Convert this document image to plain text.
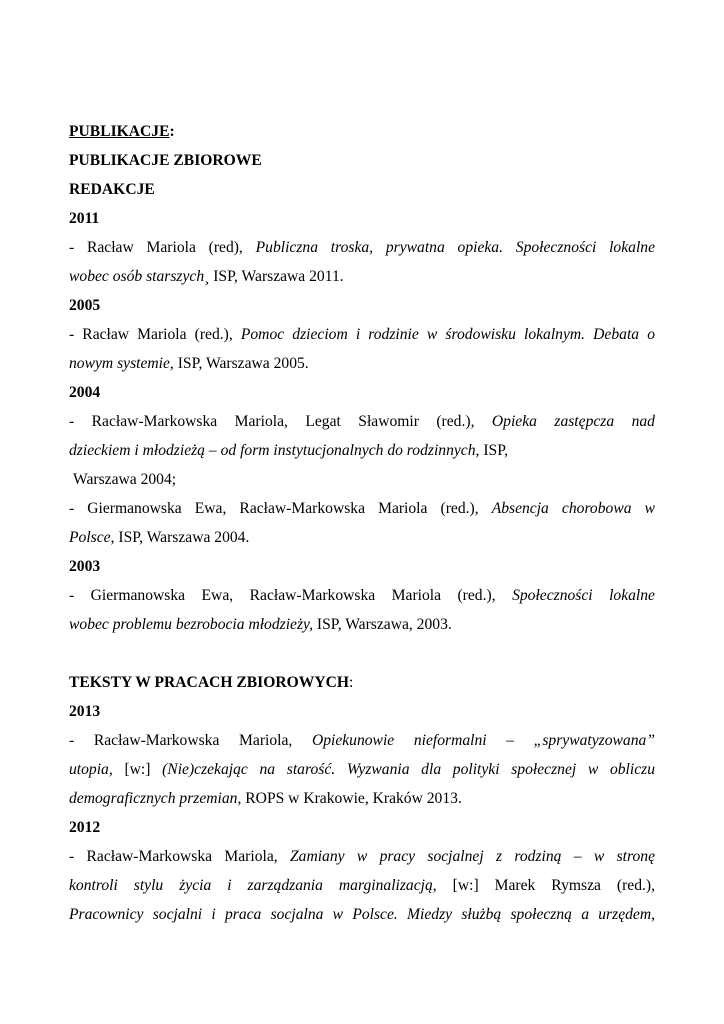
PUBLIKACJE:
PUBLIKACJE ZBIOROWE
REDAKCJE
2011
- Racław Mariola (red), Publiczna troska, prywatna opieka. Społeczności lokalne
wobec osób starszych¸ ISP, Warszawa 2011.
2005
- Racław Mariola (red.), Pomoc dzieciom i rodzinie w środowisku lokalnym. Debata o
nowym systemie, ISP, Warszawa 2005.
2004
- Racław-Markowska Mariola, Legat Sławomir (red.), Opieka zastępcza nad
dzieckiem i młodzieżą – od form instytucjonalnych do rodzinnych, ISP,
Warszawa 2004;
- Giermanowska Ewa, Racław-Markowska Mariola (red.), Absencja chorobowa w
Polsce, ISP, Warszawa 2004.
2003
- Giermanowska Ewa, Racław-Markowska Mariola (red.), Społeczności lokalne
wobec problemu bezrobocia młodzieży, ISP, Warszawa, 2003.
TEKSTY W PRACACH ZBIOROWYCH:
2013
- Racław-Markowska Mariola, Opiekunowie nieformalni – „sprywatyzowana”
utopia, [w:] (Nie)czekając na starość. Wyzwania dla polityki społecznej w obliczu
demograficznych przemian, ROPS w Krakowie, Kraków 2013.
2012
- Racław-Markowska Mariola, Zamiany w pracy socjalnej z rodziną – w stronę
kontroli stylu życia i zarządzania marginalizacją, [w:] Marek Rymsza (red.),
Pracownicy socjalni i praca socjalna w Polsce. Miedzy służbą społeczną a urzędem,
